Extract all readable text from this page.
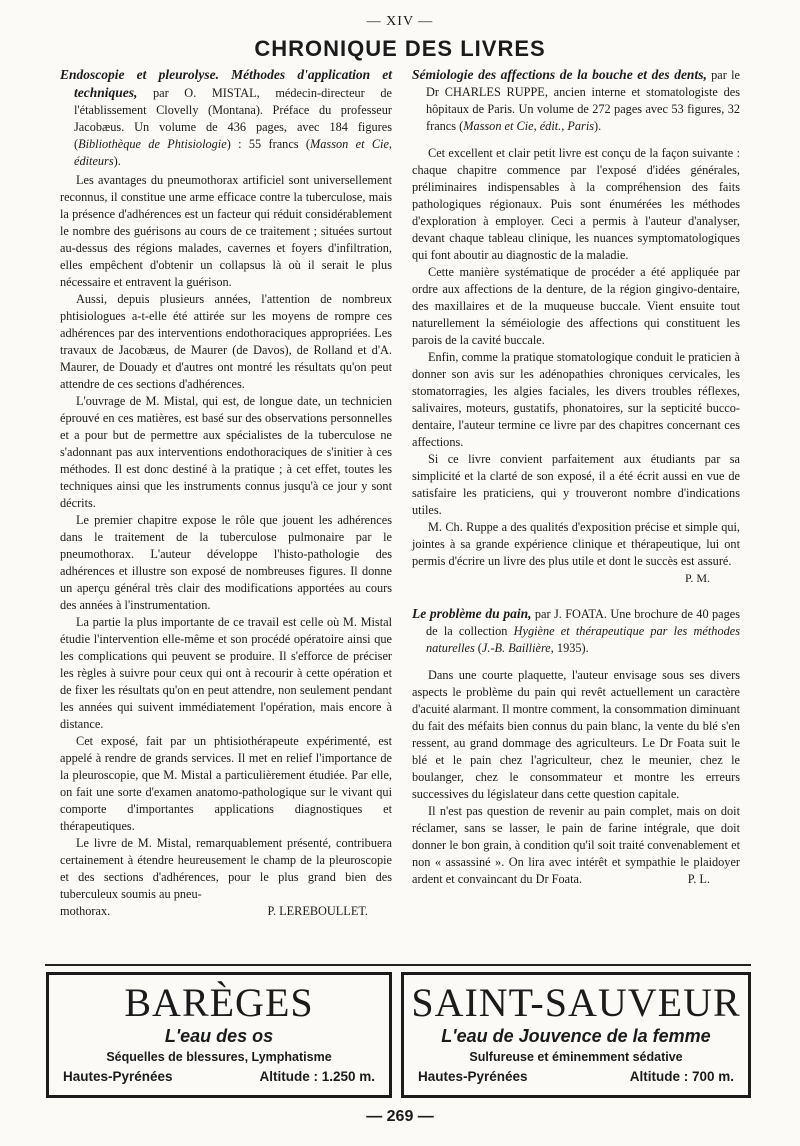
— XIV —
CHRONIQUE DES LIVRES
Endoscopie et pleurolyse. Méthodes d'application et techniques, par O. MISTAL, médecin-directeur de l'établissement Clovelly (Montana). Préface du professeur Jacobæus. Un volume de 436 pages, avec 184 figures (Bibliothèque de Phtisiologie) : 55 francs (Masson et Cie, éditeurs).

Les avantages du pneumothorax artificiel sont universellement reconnus, il constitue une arme efficace contre la tuberculose, mais la présence d'adhérences est un facteur qui réduit considérablement le nombre des guérisons au cours de ce traitement ; situées surtout au-dessus des régions malades, cavernes et foyers d'infiltration, elles empêchent d'obtenir un collapsus là où il serait le plus nécessaire et entravent la guérison.

Aussi, depuis plusieurs années, l'attention de nombreux phtisiologues a-t-elle été attirée sur les moyens de rompre ces adhérences par des interventions endothoraciques appropriées. Les travaux de Jacobæus, de Maurer (de Davos), de Rolland et d'A. Maurer, de Douady et d'autres ont montré les résultats qu'on peut attendre de ces sections d'adhérences.

L'ouvrage de M. Mistal, qui est, de longue date, un technicien éprouvé en ces matières, est basé sur des observations personnelles et a pour but de permettre aux spécialistes de la tuberculose ne s'adonnant pas aux interventions endothoraciques de s'initier à ces méthodes. Il est donc destiné à la pratique ; à cet effet, toutes les techniques ainsi que les instruments connus jusqu'à ce jour y sont décrits.

Le premier chapitre expose le rôle que jouent les adhérences dans le traitement de la tuberculose pulmonaire par le pneumothorax. L'auteur développe l'histo-pathologie des adhérences et illustre son exposé de nombreuses figures. Il donne un aperçu général très clair des modifications apportées au cours des années à l'instrumentation.

La partie la plus importante de ce travail est celle où M. Mistal étudie l'intervention elle-même et son procédé opératoire ainsi que les complications qui peuvent se produire. Il s'efforce de préciser les règles à suivre pour ceux qui ont à recourir à cette opération et de fixer les résultats qu'on en peut attendre, non seulement pendant les années qui suivent immédiatement l'opération, mais encore à distance.

Cet exposé, fait par un phtisiothérapeute expérimenté, est appelé à rendre de grands services. Il met en relief l'importance de la pleuroscopie, que M. Mistal a particulièrement étudiée. Par elle, on fait une sorte d'examen anatomo-pathologique sur le vivant qui comporte d'importantes applications diagnostiques et thérapeutiques.

Le livre de M. Mistal, remarquablement présenté, contribuera certainement à étendre heureusement le champ de la pleuroscopie et des sections d'adhérences, pour le plus grand bien des tuberculeux soumis au pneu-

mothorax.	P. LEREBOULLET.
Sémiologie des affections de la bouche et des dents, par le Dr CHARLES RUPPE, ancien interne et stomatologiste des hôpitaux de Paris. Un volume de 272 pages avec 53 figures, 32 francs (Masson et Cie, édit., Paris).

Cet excellent et clair petit livre est conçu de la façon suivante : chaque chapitre commence par l'exposé d'idées générales, préliminaires indispensables à la compréhension des faits pathologiques régionaux. Puis sont énumérées les méthodes d'exploration à employer. Ceci a permis à l'auteur d'analyser, devant chaque tableau clinique, les nuances symptomatologiques qui font aboutir au diagnostic de la maladie.

Cette manière systématique de procéder a été appliquée par ordre aux affections de la denture, de la région gingivo-dentaire, des maxillaires et de la muqueuse buccale. Vient ensuite tout naturellement la séméiologie des affections qui constituent les parois de la cavité buccale.

Enfin, comme la pratique stomatologique conduit le praticien à donner son avis sur les adénopathies chroniques cervicales, les stomatorragies, les algies faciales, les divers troubles réflexes, salivaires, moteurs, gustatifs, phonatoires, sur la septicité bucco-dentaire, l'auteur termine ce livre par des chapitres concernant ces affections.

Si ce livre convient parfaitement aux étudiants par sa simplicité et la clarté de son exposé, il a été écrit aussi en vue de satisfaire les praticiens, qui y trouveront nombre d'indications utiles.

M. Ch. Ruppe a des qualités d'exposition précise et simple qui, jointes à sa grande expérience clinique et thérapeutique, lui ont permis d'écrire un livre des plus utile et dont le succès est assuré.

P. M.

Le problème du pain, par J. FOATA. Une brochure de 40 pages de la collection Hygiène et thérapeutique par les méthodes naturelles (J.-B. Baillière, 1935).

Dans une courte plaquette, l'auteur envisage sous ses divers aspects le problème du pain qui revêt actuellement un caractère d'acuité alarmant. Il montre comment, la consommation diminuant du fait des méfaits bien connus du pain blanc, la vente du blé s'en ressent, au grand dommage des agriculteurs. Le Dr Foata suit le blé et le pain chez l'agriculteur, chez le meunier, chez le boulanger, chez le consommateur et montre les erreurs successives du législateur dans cette question capitale.

Il n'est pas question de revenir au pain complet, mais on doit réclamer, sans se lasser, le pain de farine intégrale, que doit donner le bon grain, à condition qu'il soit traité convenablement et non « assassiné ». On lira avec intérêt et sympathie le plaidoyer ardent et convaincant du Dr Foata.	P. L.

BARÈGES
L'eau des os
Séquelles de blessures, Lymphatisme
Hautes-Pyrénées	Altitude : 1.250 m.
SAINT-SAUVEUR
L'eau de Jouvence de la femme
Sulfureuse et éminemment sédative
Hautes-Pyrénées	Altitude : 700 m.
— 269 —
